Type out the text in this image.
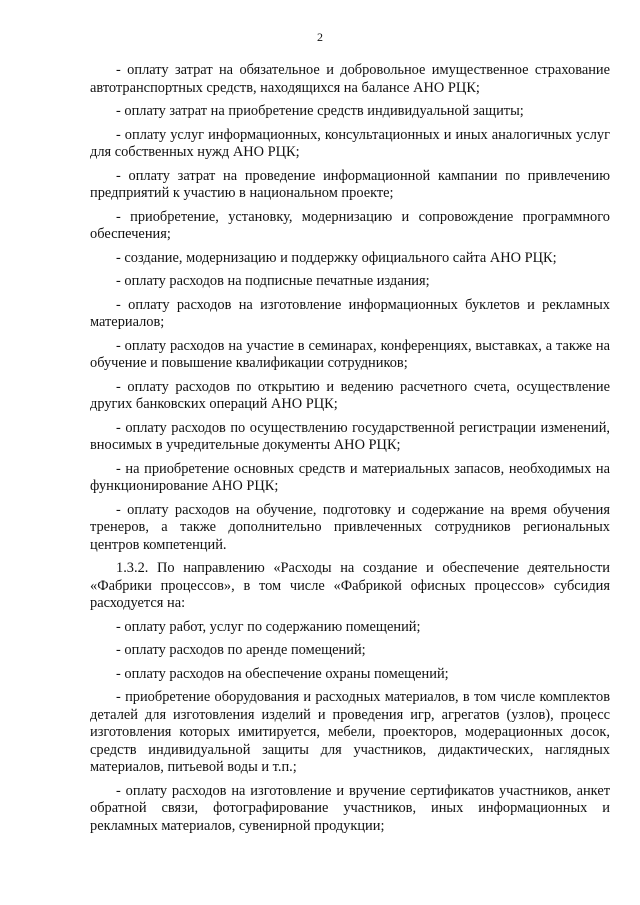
2

- оплату затрат на обязательное и добровольное имущественное страхование автотранспортных средств, находящихся на балансе АНО РЦК;

- оплату затрат на приобретение средств индивидуальной защиты;

- оплату услуг информационных, консультационных и иных аналогичных услуг для собственных нужд АНО РЦК;

- оплату затрат на проведение информационной кампании по привлечению предприятий к участию в национальном проекте;

- приобретение, установку, модернизацию и сопровождение программного обеспечения;

- создание, модернизацию и поддержку официального сайта АНО РЦК;

- оплату расходов на подписные печатные издания;

- оплату расходов на изготовление информационных буклетов и рекламных материалов;

- оплату расходов на участие в семинарах, конференциях, выставках, а также на обучение и повышение квалификации сотрудников;

- оплату расходов по открытию и ведению расчетного счета, осуществление других банковских операций АНО РЦК;

- оплату расходов по осуществлению государственной регистрации изменений, вносимых в учредительные документы АНО РЦК;

- на приобретение основных средств и материальных запасов, необходимых на функционирование АНО РЦК;

- оплату расходов на обучение, подготовку и содержание на время обучения тренеров, а также дополнительно привлеченных сотрудников региональных центров компетенций.

1.3.2. По направлению «Расходы на создание и обеспечение деятельности «Фабрики процессов», в том числе «Фабрикой офисных процессов» субсидия расходуется на:

- оплату работ, услуг по содержанию помещений;

- оплату расходов по аренде помещений;

- оплату расходов на обеспечение охраны помещений;

- приобретение оборудования и расходных материалов, в том числе комплектов деталей для изготовления изделий и проведения игр, агрегатов (узлов), процесс изготовления которых имитируется, мебели, проекторов, модерационных досок, средств индивидуальной защиты для участников, дидактических, наглядных материалов, питьевой воды и т.п.;

- оплату расходов на изготовление и вручение сертификатов участников, анкет обратной связи, фотографирование участников, иных информационных и рекламных материалов, сувенирной продукции;
